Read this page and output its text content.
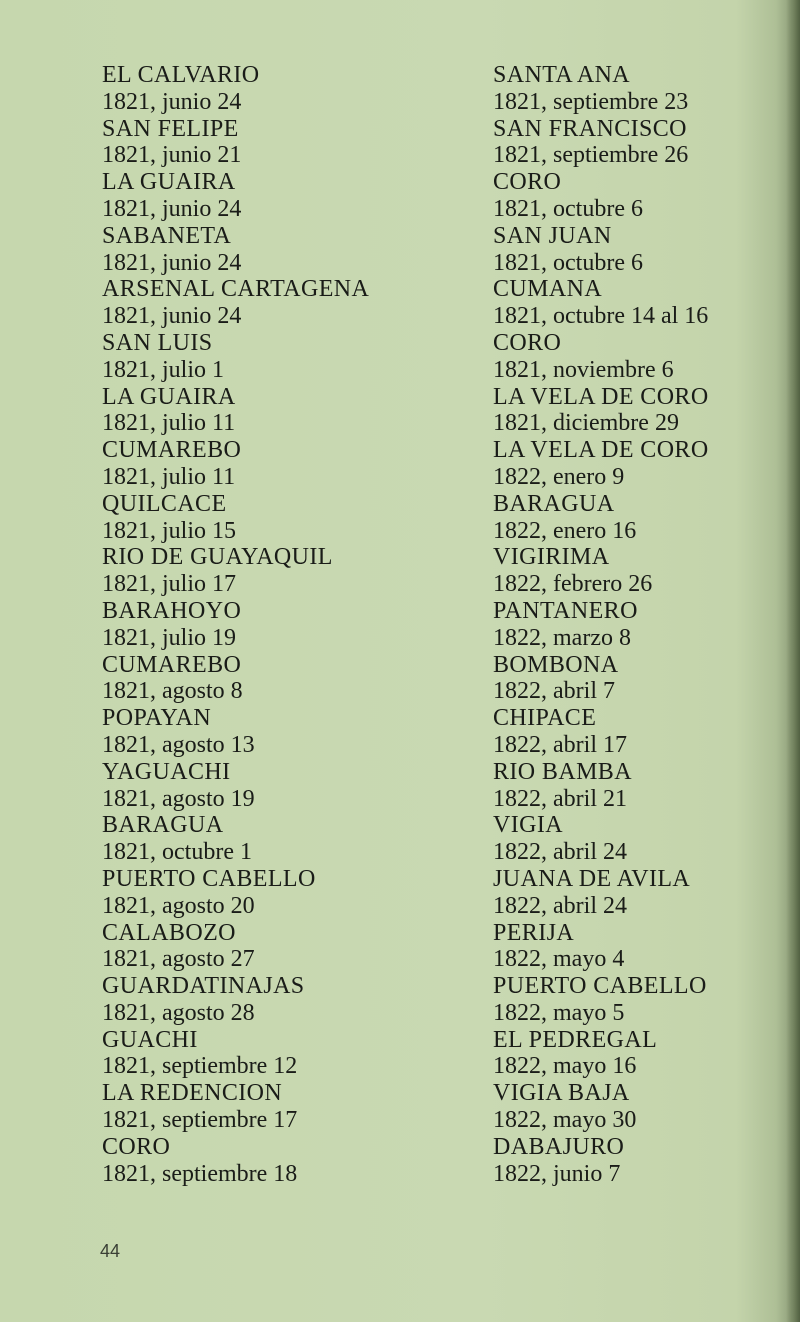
EL CALVARIO
1821, junio 24
SAN FELIPE
1821, junio 21
LA GUAIRA
1821, junio 24
SABANETA
1821, junio 24
ARSENAL CARTAGENA
1821, junio 24
SAN LUIS
1821, julio 1
LA GUAIRA
1821, julio 11
CUMAREBO
1821, julio 11
QUILCACE
1821, julio 15
RIO DE GUAYAQUIL
1821, julio 17
BARAHOYO
1821, julio 19
CUMAREBO
1821, agosto 8
POPAYAN
1821, agosto 13
YAGUACHI
1821, agosto 19
BARAGUA
1821, octubre 1
PUERTO CABELLO
1821, agosto 20
CALABOZO
1821, agosto 27
GUARDATINAJAS
1821, agosto 28
GUACHI
1821, septiembre 12
LA REDENCION
1821, septiembre 17
CORO
1821, septiembre 18
SANTA ANA
1821, septiembre 23
SAN FRANCISCO
1821, septiembre 26
CORO
1821, octubre 6
SAN JUAN
1821, octubre 6
CUMANA
1821, octubre 14 al 16
CORO
1821, noviembre 6
LA VELA DE CORO
1821, diciembre 29
LA VELA DE CORO
1822, enero 9
BARAGUA
1822, enero 16
VIGIRIMA
1822, febrero 26
PANTANERO
1822, marzo 8
BOMBONA
1822, abril 7
CHIPACE
1822, abril 17
RIO BAMBA
1822, abril 21
VIGIA
1822, abril 24
JUANA DE AVILA
1822, abril 24
PERIJA
1822, mayo 4
PUERTO CABELLO
1822, mayo 5
EL PEDREGAL
1822, mayo 16
VIGIA BAJA
1822, mayo 30
DABAJURO
1822, junio 7
44
